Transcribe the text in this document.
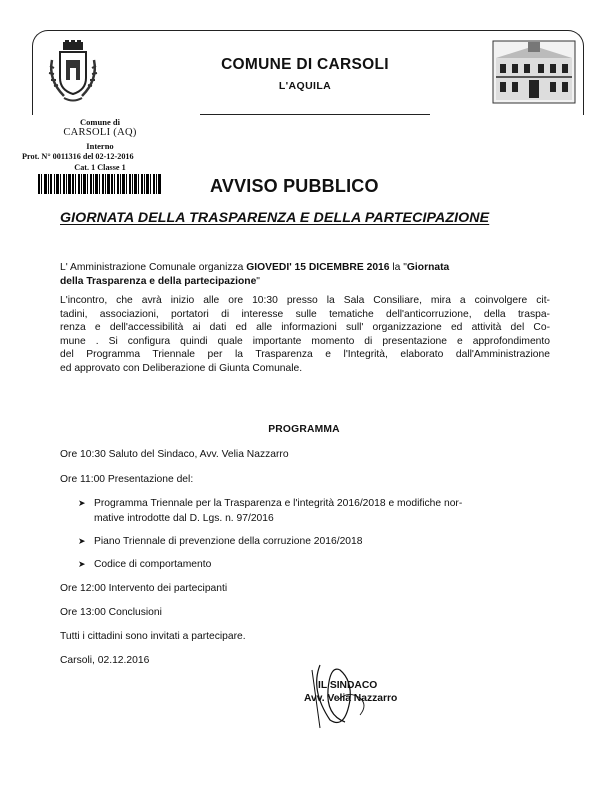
COMUNE DI CARSOLI
L'AQUILA
Comune di
CARSOLI (AQ)
Interno
Prot. N° 0011316 del 02-12-2016
Cat. 1 Classe 1
AVVISO PUBBLICO
GIORNATA DELLA TRASPARENZA E DELLA PARTECIPAZIONE
L' Amministrazione Comunale organizza GIOVEDI' 15 DICEMBRE 2016 la "Giornata
della Trasparenza e della partecipazione"
L'incontro, che avrà inizio alle ore 10:30 presso la Sala Consiliare, mira a coinvolgere cit-
tadini, associazioni, portatori di interesse sulle tematiche dell'anticorruzione, della traspa-
renza e dell'accessibilità ai dati ed alle informazioni sull' organizzazione ed attività del Co-
mune . Si configura quindi quale importante momento di presentazione e approfondimento
del Programma Triennale per la Trasparenza e l'Integrità, elaborato dall'Amministrazione
ed approvato con Deliberazione di Giunta Comunale.
PROGRAMMA
Ore 10:30 Saluto del Sindaco, Avv. Velia Nazzarro
Ore 11:00 Presentazione del:
➤ Programma Triennale per la Trasparenza e l'integrità 2016/2018 e modifiche nor-
mative introdotte dal D. Lgs. n. 97/2016
➤ Piano Triennale di prevenzione della corruzione 2016/2018
➤ Codice di comportamento
Ore 12:00 Intervento dei partecipanti
Ore 13:00 Conclusioni
Tutti i cittadini sono invitati a partecipare.
Carsoli, 02.12.2016
IL SINDACO
Avv. Velia Nazzarro
